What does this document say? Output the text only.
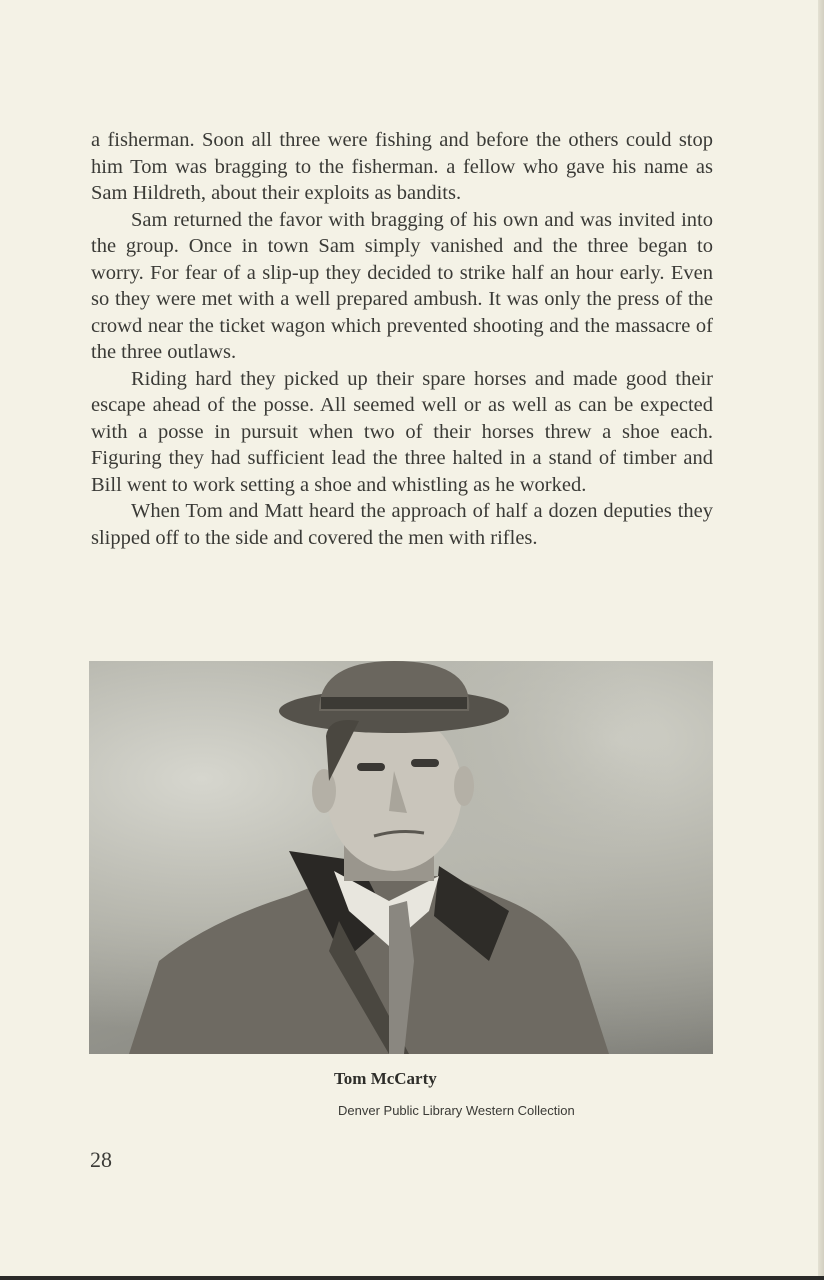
a fisherman. Soon all three were fishing and before the others could stop him Tom was bragging to the fisherman. a fellow who gave his name as Sam Hildreth, about their exploits as bandits.

Sam returned the favor with bragging of his own and was invited into the group. Once in town Sam simply vanished and the three began to worry. For fear of a slip-up they decided to strike half an hour early. Even so they were met with a well prepared ambush. It was only the press of the crowd near the ticket wagon which prevented shooting and the massacre of the three outlaws.

Riding hard they picked up their spare horses and made good their escape ahead of the posse. All seemed well or as well as can be expected with a posse in pursuit when two of their horses threw a shoe each. Figuring they had sufficient lead the three halted in a stand of timber and Bill went to work setting a shoe and whistling as he worked.

When Tom and Matt heard the approach of half a dozen deputies they slipped off to the side and covered the men with rifles.

Tom McCarty
Denver Public Library Western Collection
28
